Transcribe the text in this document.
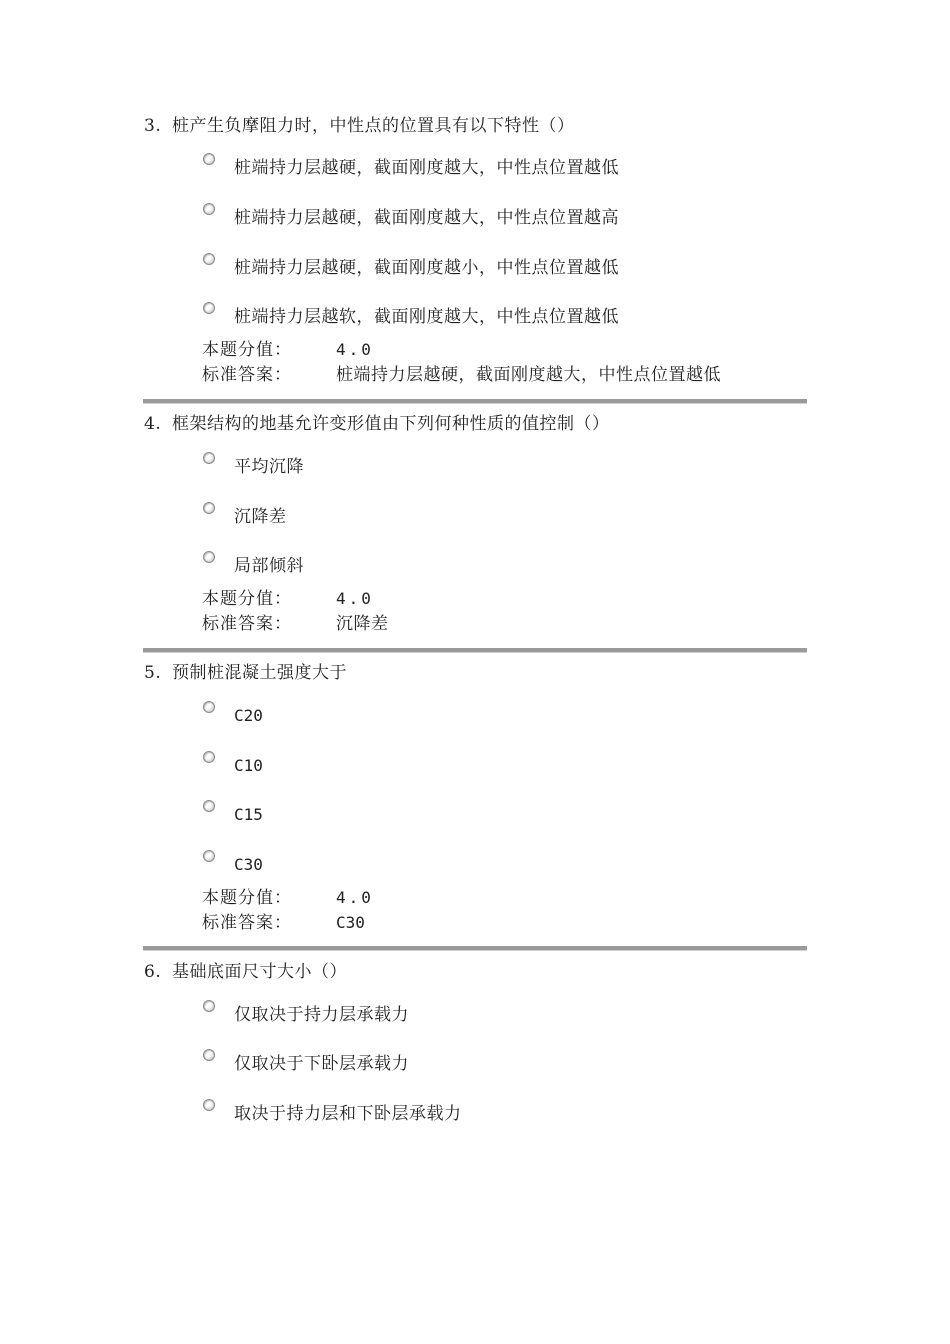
3. 桩产生负摩阻力时，中性点的位置具有以下特性（）
桩端持力层越硬，截面刚度越大，中性点位置越低
桩端持力层越硬，截面刚度越大，中性点位置越高
桩端持力层越硬，截面刚度越小，中性点位置越低
桩端持力层越软，截面刚度越大，中性点位置越低
本题分值：	4.0
标准答案：	桩端持力层越硬，截面刚度越大，中性点位置越低
4. 框架结构的地基允许变形值由下列何种性质的值控制（）
平均沉降
沉降差
局部倾斜
本题分值：	4.0
标准答案：	沉降差
5. 预制桩混凝土强度大于
C20
C10
C15
C30
本题分值：	4.0
标准答案：	C30
6. 基础底面尺寸大小（）
仅取决于持力层承载力
仅取决于下卧层承载力
取决于持力层和下卧层承载力
